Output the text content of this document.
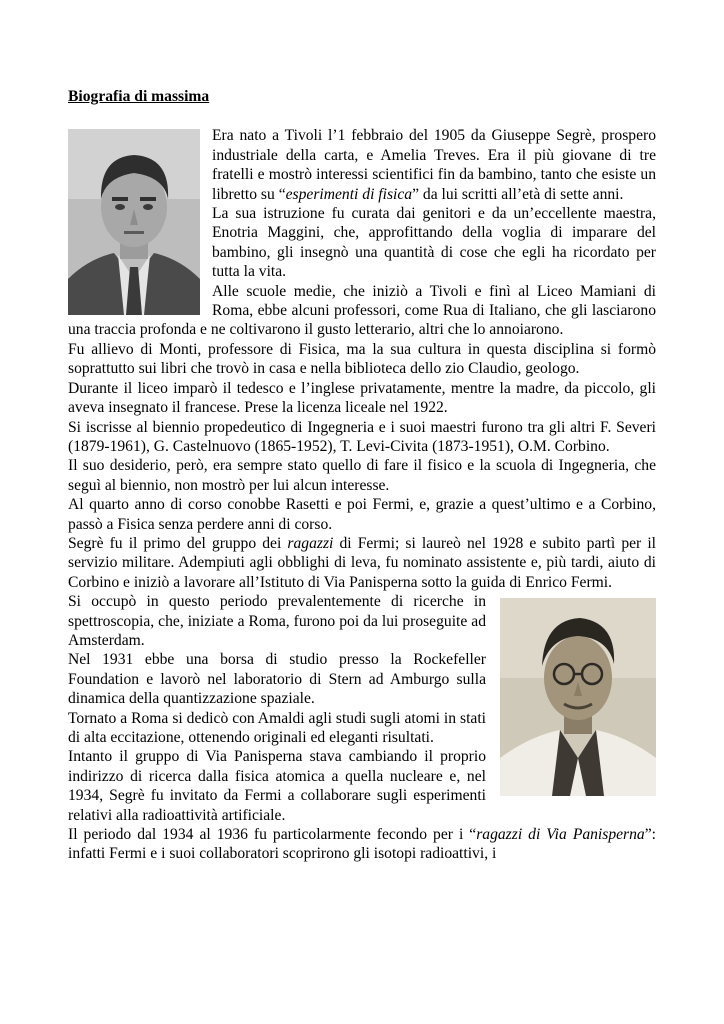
Biografia di massima

Era nato a Tivoli l’1 febbraio del 1905 da Giuseppe Segrè, prospero industriale della carta, e Amelia Treves. Era il più giovane di tre fratelli e mostrò interessi scientifici fin da bambino, tanto che esiste un libretto su “esperimenti di fisica” da lui scritti all’età di sette anni.

La sua istruzione fu curata dai genitori e da un’eccellente maestra, Enotria Maggini, che, approfittando della voglia di imparare del bambino, gli insegnò una quantità di cose che egli ha ricordato per tutta la vita.

Alle scuole medie, che iniziò a Tivoli e finì al Liceo Mamiani di Roma, ebbe alcuni professori, come Rua di Italiano, che gli lasciarono una traccia profonda e ne coltivarono il gusto letterario, altri che lo annoiarono.

Fu allievo di Monti, professore di Fisica, ma la sua cultura in questa disciplina si formò soprattutto sui libri che trovò in casa e nella biblioteca dello zio Claudio, geologo.

Durante il liceo imparò il tedesco e l’inglese privatamente, mentre la madre, da piccolo, gli aveva insegnato il francese. Prese la licenza liceale nel 1922.

Si iscrisse al biennio propedeutico di Ingegneria e i suoi maestri furono tra gli altri F. Severi (1879-1961), G. Castelnuovo (1865-1952), T. Levi-Civita (1873-1951), O.M. Corbino.

Il suo desiderio, però, era sempre stato quello di fare il fisico e la scuola di Ingegneria, che seguì al biennio, non mostrò per lui alcun interesse.

Al quarto anno di corso conobbe Rasetti e poi Fermi, e, grazie a quest’ultimo e a Corbino, passò a Fisica senza perdere anni di corso.

Segrè fu il primo del gruppo dei ragazzi di Fermi; si laureò nel 1928 e subito partì per il servizio militare. Adempiuti agli obblighi di leva, fu nominato assistente e, più tardi, aiuto di Corbino e iniziò a lavorare all’Istituto di Via Panisperna sotto la guida di Enrico Fermi.

Si occupò in questo periodo prevalentemente di ricerche in spettroscopia, che, iniziate a Roma, furono poi da lui proseguite ad Amsterdam.

Nel 1931 ebbe una borsa di studio presso la Rockefeller Foundation e lavorò nel laboratorio di Stern ad Amburgo sulla dinamica della quantizzazione spaziale.

Tornato a Roma si dedicò con Amaldi agli studi sugli atomi in stati di alta eccitazione, ottenendo originali ed eleganti risultati.

Intanto il gruppo di Via Panisperna stava cambiando il proprio indirizzo di ricerca dalla fisica atomica a quella nucleare e, nel 1934, Segrè fu invitato da Fermi a collaborare sugli esperimenti relativi alla radioattività artificiale.

Il periodo dal 1934 al 1936 fu particolarmente fecondo per i “ragazzi di Via Panisperna”: infatti Fermi e i suoi collaboratori scoprirono gli isotopi radioattivi, i
